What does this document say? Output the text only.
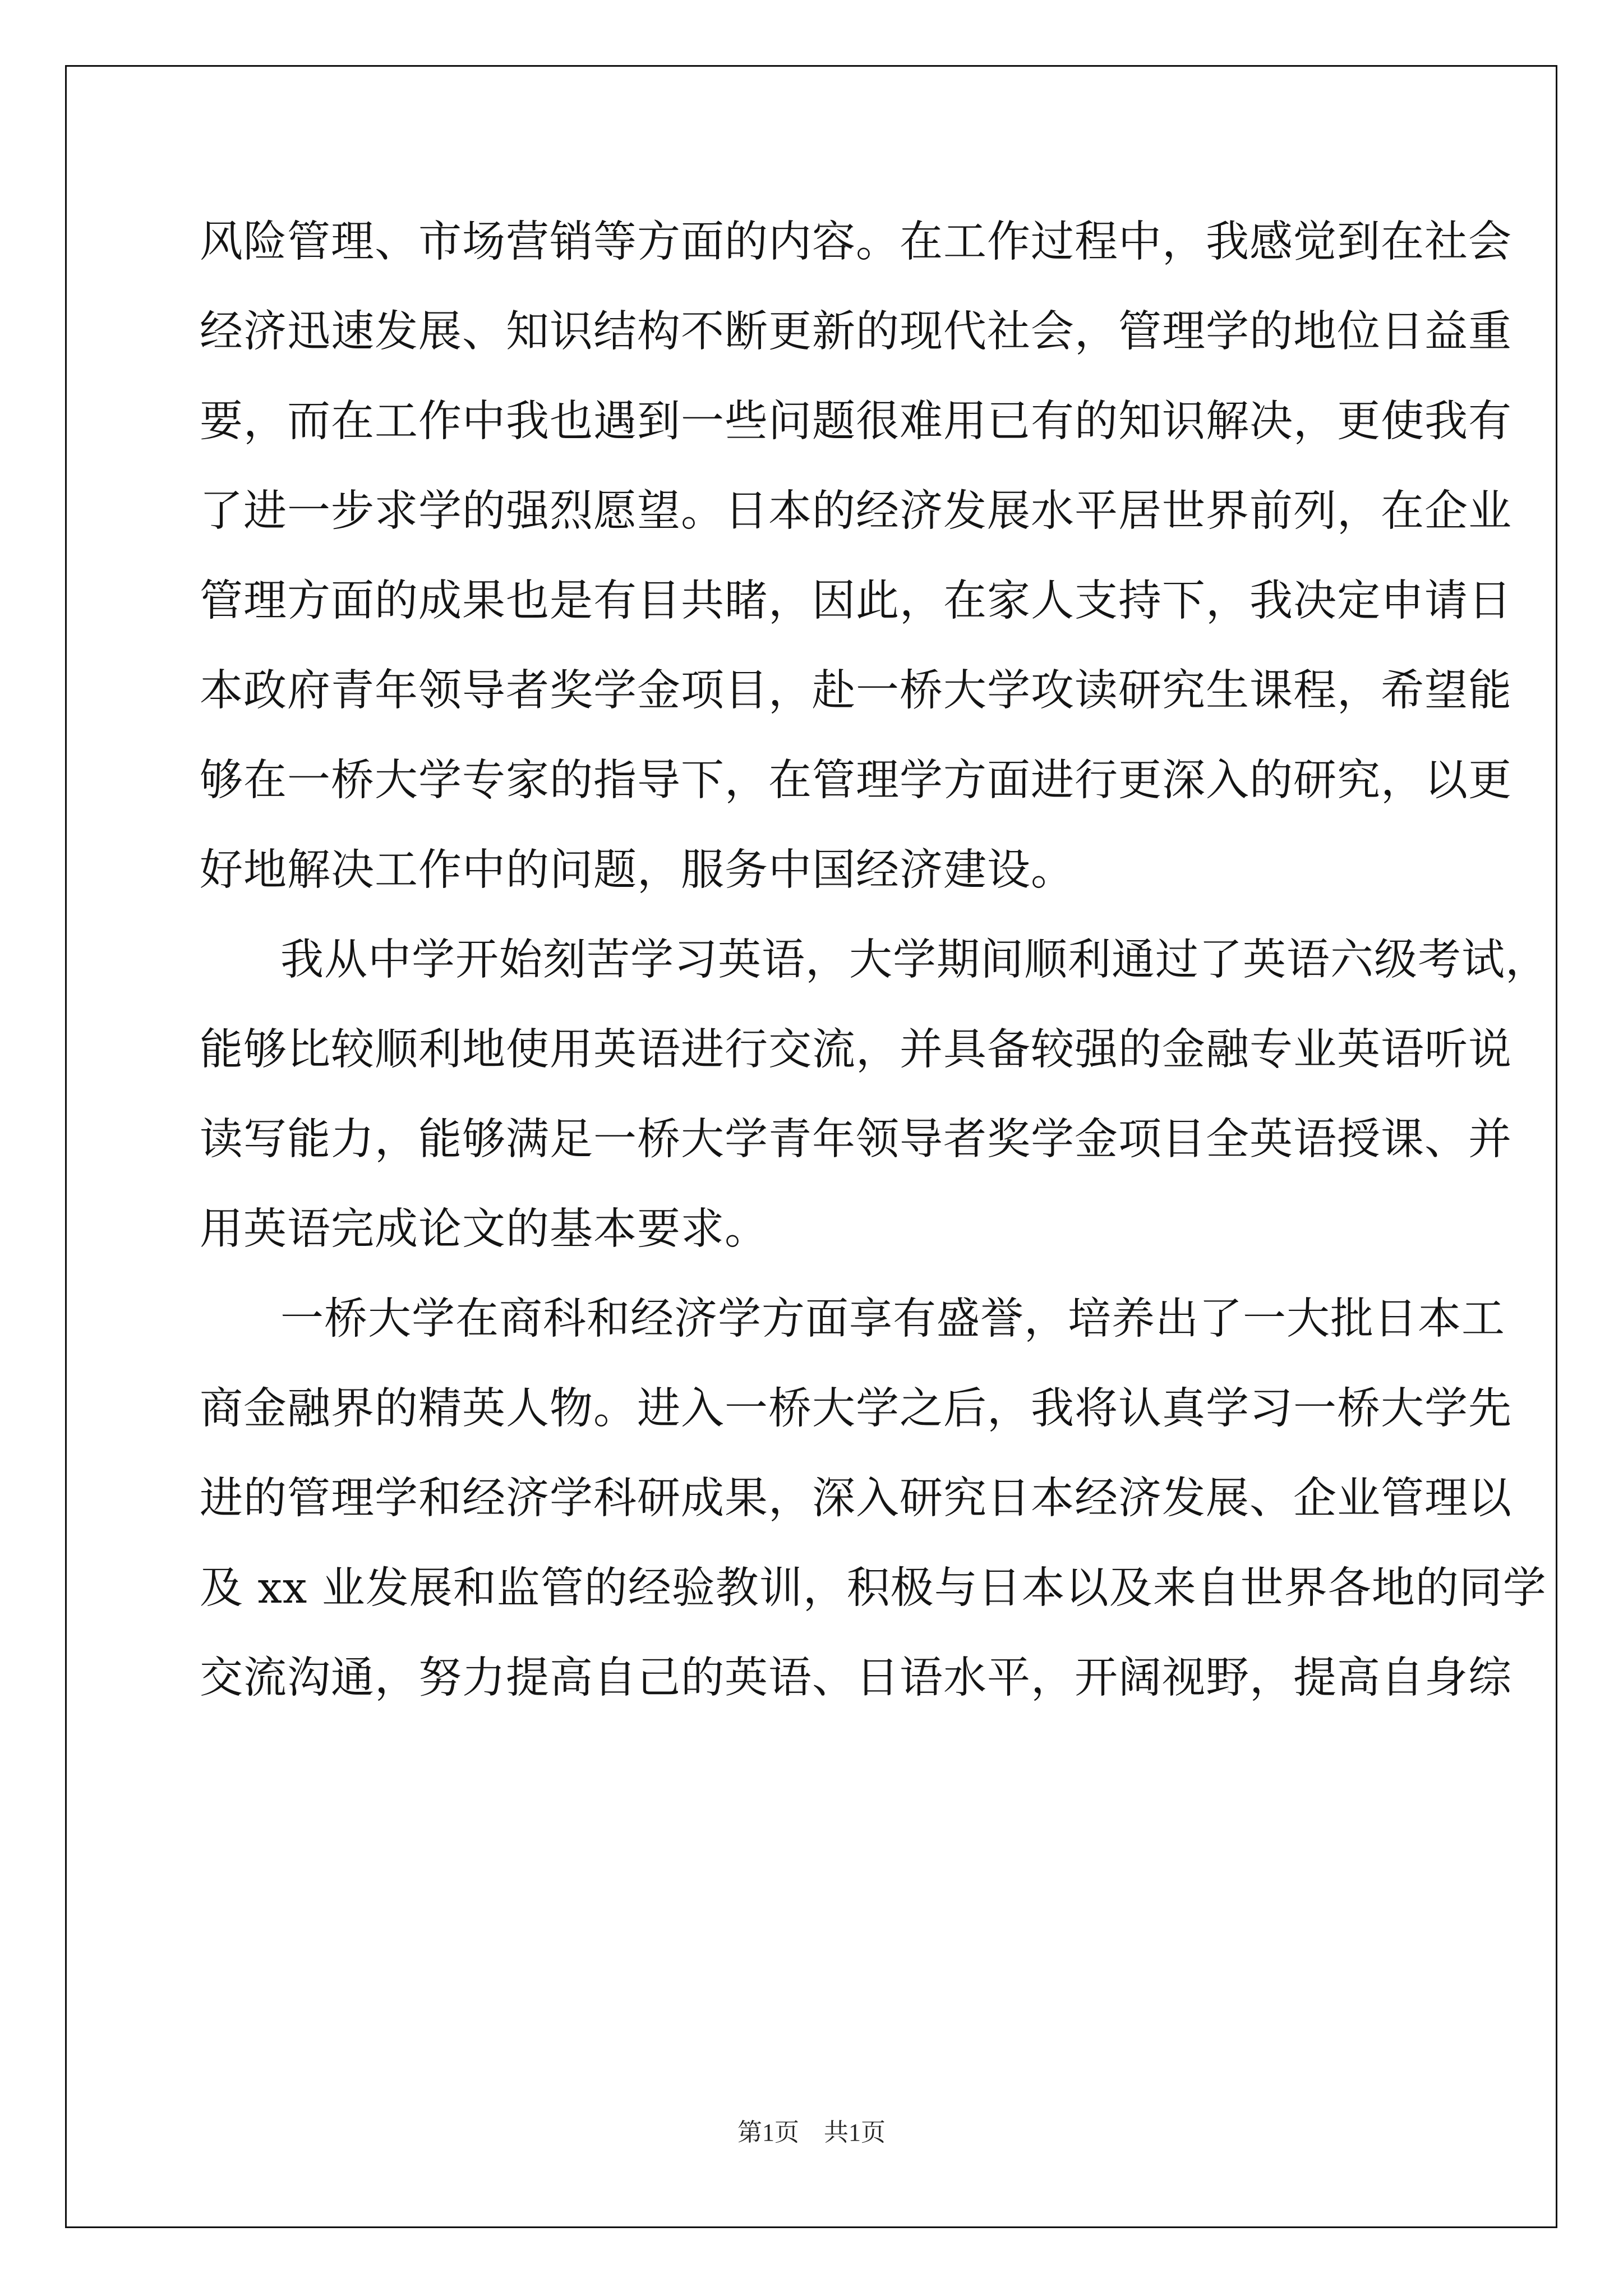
风险管理、市场营销等方面的内容。在工作过程中，我感觉到在社会
经济迅速发展、知识结构不断更新的现代社会，管理学的地位日益重
要，而在工作中我也遇到一些问题很难用已有的知识解决，更使我有
了进一步求学的强烈愿望。日本的经济发展水平居世界前列，在企业
管理方面的成果也是有目共睹，因此，在家人支持下，我决定申请日
本政府青年领导者奖学金项目，赴一桥大学攻读研究生课程，希望能
够在一桥大学专家的指导下，在管理学方面进行更深入的研究，以更
好地解决工作中的问题，服务中国经济建设。
我从中学开始刻苦学习英语，大学期间顺利通过了英语六级考试，
能够比较顺利地使用英语进行交流，并具备较强的金融专业英语听说
读写能力，能够满足一桥大学青年领导者奖学金项目全英语授课、并
用英语完成论文的基本要求。
一桥大学在商科和经济学方面享有盛誉，培养出了一大批日本工
商金融界的精英人物。进入一桥大学之后，我将认真学习一桥大学先
进的管理学和经济学科研成果，深入研究日本经济发展、企业管理以
及 xx 业发展和监管的经验教训，积极与日本以及来自世界各地的同学
交流沟通，努力提高自己的英语、日语水平，开阔视野，提高自身综
第1页　共1页
